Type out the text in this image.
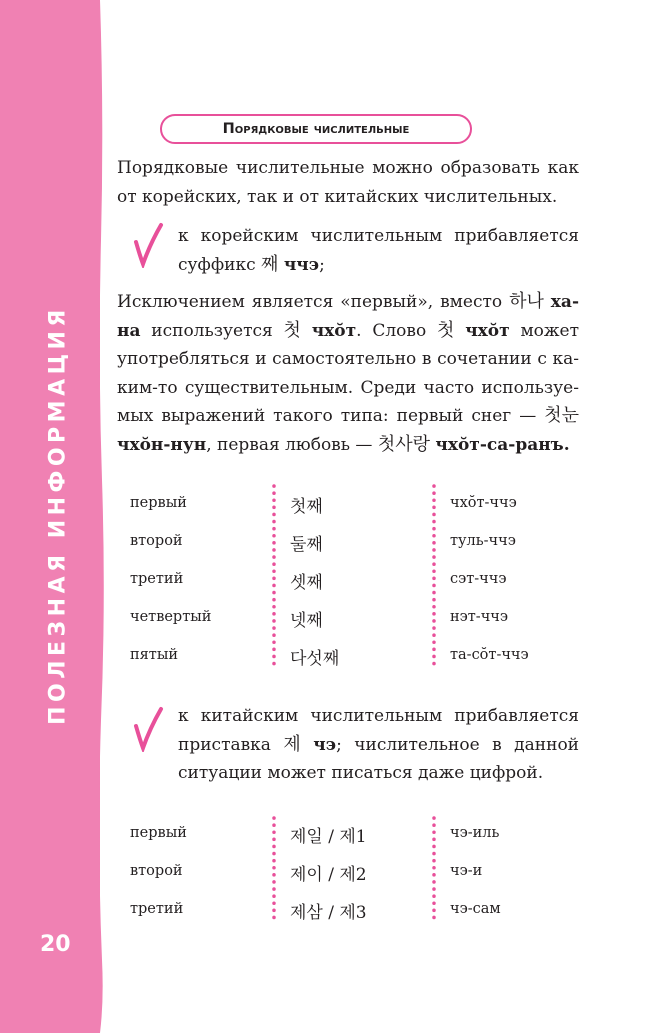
ПОЛЕЗНАЯ ИНФОРМАЦИЯ
20
Порядковые числительные

Порядковые числительные можно образовать как от корейских, так и от китайских числительных.

к корейским числительным прибавляется суффикс 째 ччэ;

Исключением является «первый», вместо 하나 хана используется 첫 чхŏт. Слово 첫 чхŏт может употребляться и самостоятельно в сочетании с каким-то существительным. Среди часто используемых выражений такого типа: первый снег — 첫눈 чхŏн-нун, первая любовь — 첫사랑 чхŏт-са-ранъ.

первый	첫째	чхŏт-ччэ
второй	둘째	туль-ччэ
третий	셋째	сэт-ччэ
четвертый	넷째	нэт-ччэ
пятый	다섯째	та-сŏт-ччэ

к китайским числительным прибавляется приставка 제 чэ; числительное в данной ситуации может писаться даже цифрой.

первый	제일 / 제1	чэ-иль
второй	제이 / 제2	чэ-и
третий	제삼 / 제3	чэ-сам
